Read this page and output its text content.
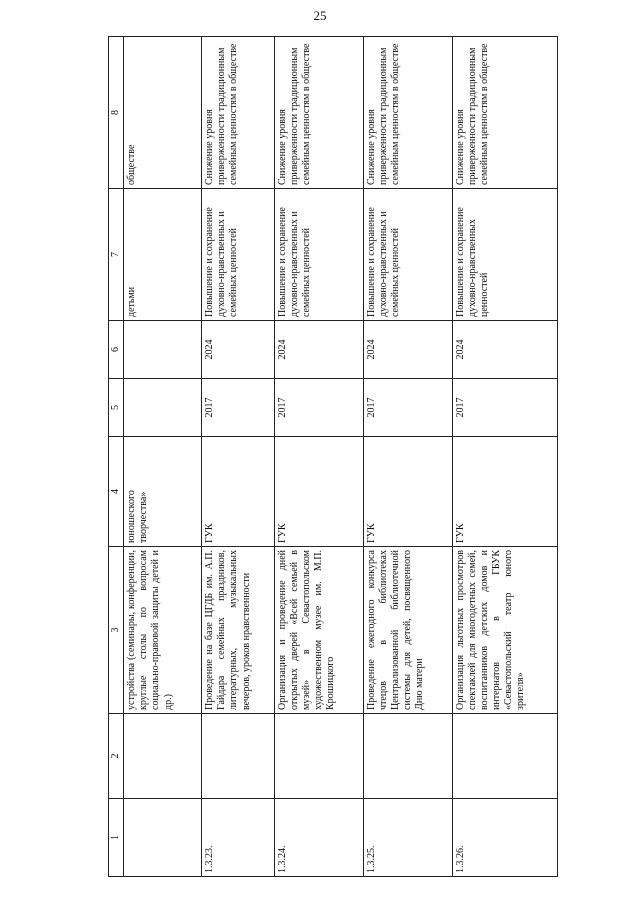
25
1	2	3	4	5	6	7	8
		устройства (семинары, конференции, круглые столы по вопросам социально-правовой защиты детей и др.)	юношеского творчества»			детьми	обществе
1.3.23.		Проведение на базе ЦГДБ им. А.П. Гайдара семейных праздников, литературных, музыкальных вечеров, уроков нравственности	ГУК	2017	2024	Повышение и сохранение духовно-нравственных и семейных ценностей	Снижение уровня приверженности традиционным семейным ценностям в обществе
1.3.24.		Организация и проведение дней открытых дверей «Всей семьей в музей» в Севастопольском художественном музее им. М.П. Крошицкого	ГУК	2017	2024	Повышение и сохранение духовно-нравственных и семейных ценностей	Снижение уровня приверженности традиционным семейным ценностям в обществе
1.3.25.		Проведение ежегодного конкурса чтецов в библиотеках Централизованной библиотечной системы для детей, посвященного Дню матери	ГУК	2017	2024	Повышение и сохранение духовно-нравственных и семейных ценностей	Снижение уровня приверженности традиционным семейным ценностям в обществе
1.3.26.		Организация льготных просмотров спектаклей для многодетных семей, воспитанников детских домов и интернатов в ГБУК «Севастопольский театр юного зрителя»	ГУК	2017	2024	Повышение и сохранение духовно-нравственных ценностей	Снижение уровня приверженности традиционным семейным ценностям в обществе
